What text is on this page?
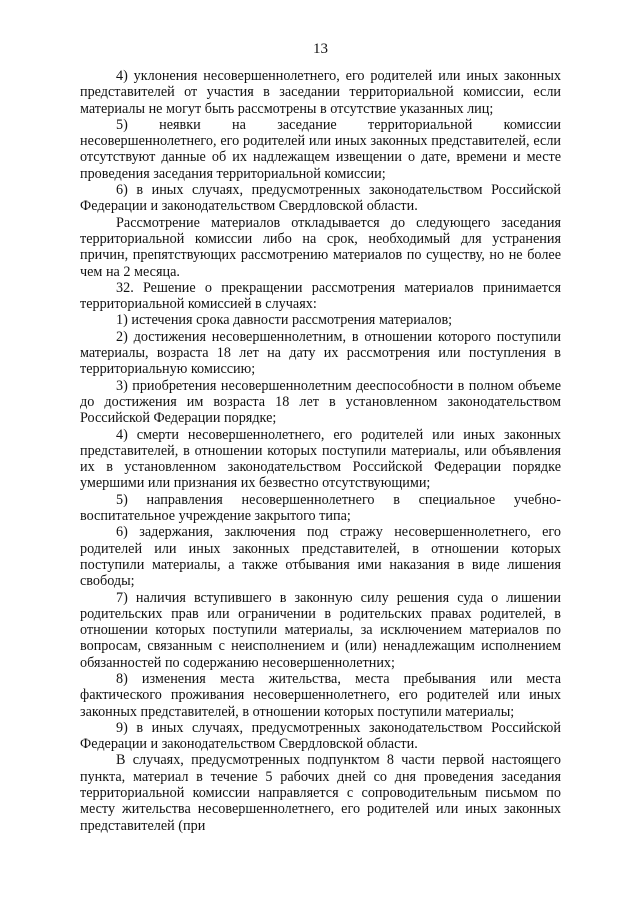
13

4) уклонения несовершеннолетнего, его родителей или иных законных представителей от участия в заседании территориальной комиссии, если материалы не могут быть рассмотрены в отсутствие указанных лиц;

5) неявки на заседание территориальной комиссии несовершеннолетнего, его родителей или иных законных представителей, если отсутствуют данные об их надлежащем извещении о дате, времени и месте проведения заседания территориальной комиссии;

6) в иных случаях, предусмотренных законодательством Российской Федерации и законодательством Свердловской области.

Рассмотрение материалов откладывается до следующего заседания территориальной комиссии либо на срок, необходимый для устранения причин, препятствующих рассмотрению материалов по существу, но не более чем на 2 месяца.

32. Решение о прекращении рассмотрения материалов принимается территориальной комиссией в случаях:

1) истечения срока давности рассмотрения материалов;

2) достижения несовершеннолетним, в отношении которого поступили материалы, возраста 18 лет на дату их рассмотрения или поступления в территориальную комиссию;

3) приобретения несовершеннолетним дееспособности в полном объеме до достижения им возраста 18 лет в установленном законодательством Российской Федерации порядке;

4) смерти несовершеннолетнего, его родителей или иных законных представителей, в отношении которых поступили материалы, или объявления их в установленном законодательством Российской Федерации порядке умершими или признания их безвестно отсутствующими;

5) направления несовершеннолетнего в специальное учебно-воспитательное учреждение закрытого типа;

6) задержания, заключения под стражу несовершеннолетнего, его родителей или иных законных представителей, в отношении которых поступили материалы, а также отбывания ими наказания в виде лишения свободы;

7) наличия вступившего в законную силу решения суда о лишении родительских прав или ограничении в родительских правах родителей, в отношении которых поступили материалы, за исключением материалов по вопросам, связанным с неисполнением и (или) ненадлежащим исполнением обязанностей по содержанию несовершеннолетних;

8) изменения места жительства, места пребывания или места фактического проживания несовершеннолетнего, его родителей или иных законных представителей, в отношении которых поступили материалы;

9) в иных случаях, предусмотренных законодательством Российской Федерации и законодательством Свердловской области.

В случаях, предусмотренных подпунктом 8 части первой настоящего пункта, материал в течение 5 рабочих дней со дня проведения заседания территориальной комиссии направляется с сопроводительным письмом по месту жительства несовершеннолетнего, его родителей или иных законных представителей (при
